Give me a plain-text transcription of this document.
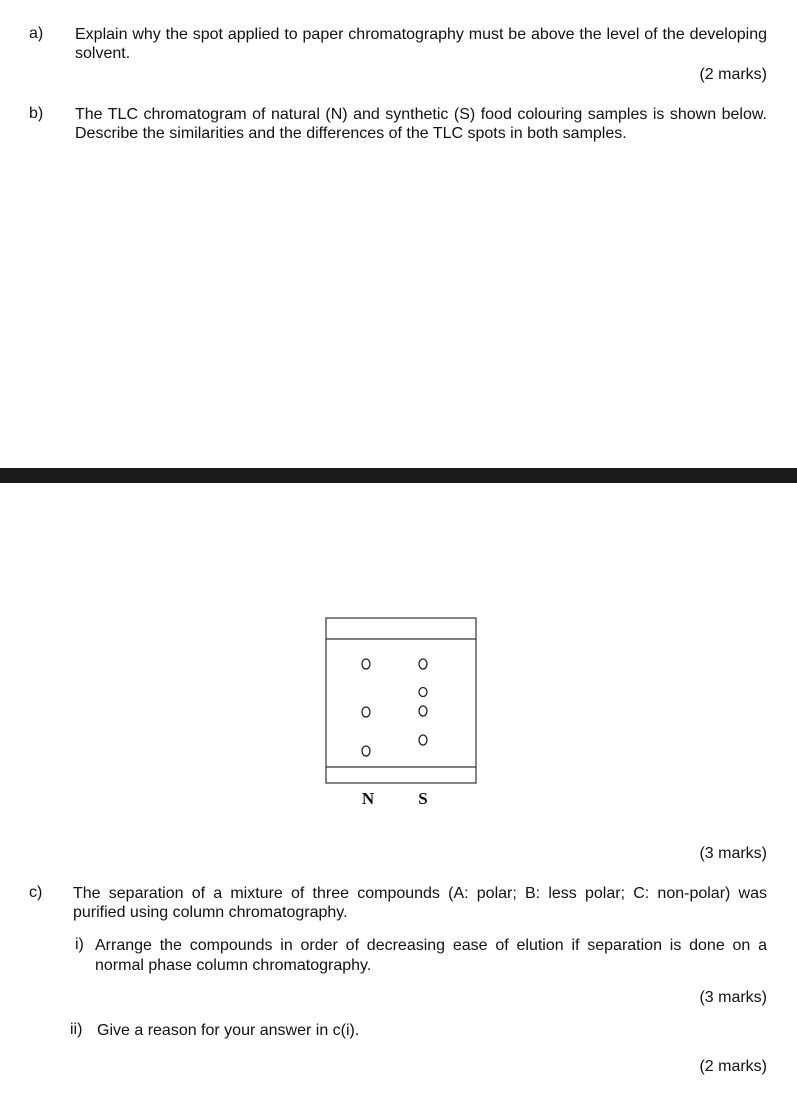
a) Explain why the spot applied to paper chromatography must be above the level of the developing solvent.
(2 marks)
b) The TLC chromatogram of natural (N) and synthetic (S) food colouring samples is shown below. Describe the similarities and the differences of the TLC spots in both samples.
N	S
(3 marks)
c) The separation of a mixture of three compounds (A: polar; B: less polar; C: non-polar) was purified using column chromatography.
i) Arrange the compounds in order of decreasing ease of elution if separation is done on a normal phase column chromatography.
(3 marks)
ii) Give a reason for your answer in c(i).
(2 marks)
